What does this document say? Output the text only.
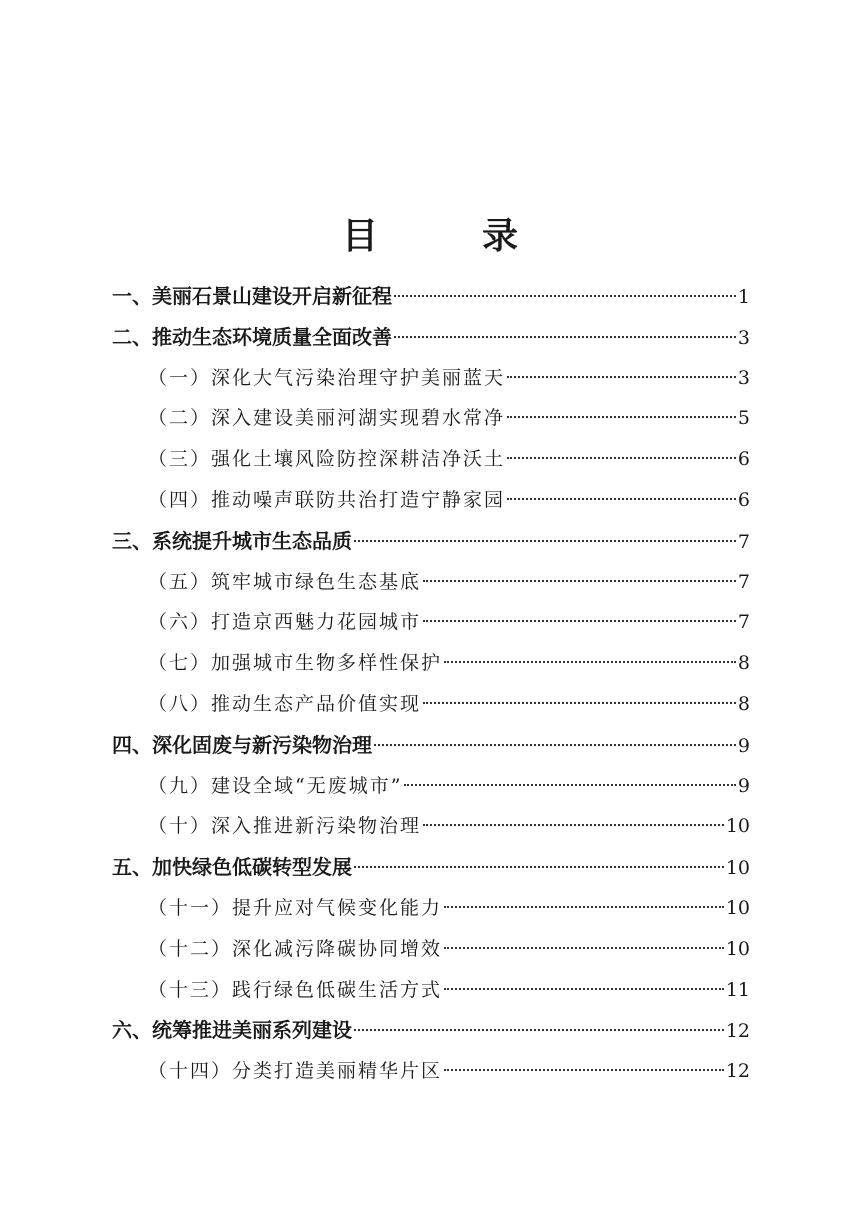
目　录
一、美丽石景山建设开启新征程	1
二、推动生态环境质量全面改善	3
（一）深化大气污染治理守护美丽蓝天	3
（二）深入建设美丽河湖实现碧水常净	5
（三）强化土壤风险防控深耕洁净沃土	6
（四）推动噪声联防共治打造宁静家园	6
三、系统提升城市生态品质	7
（五）筑牢城市绿色生态基底	7
（六）打造京西魅力花园城市	7
（七）加强城市生物多样性保护	8
（八）推动生态产品价值实现	8
四、深化固废与新污染物治理	9
（九）建设全域“无废城市”	9
（十）深入推进新污染物治理	10
五、加快绿色低碳转型发展	10
（十一）提升应对气候变化能力	10
（十二）深化减污降碳协同增效	10
（十三）践行绿色低碳生活方式	11
六、统筹推进美丽系列建设	12
（十四）分类打造美丽精华片区	12
